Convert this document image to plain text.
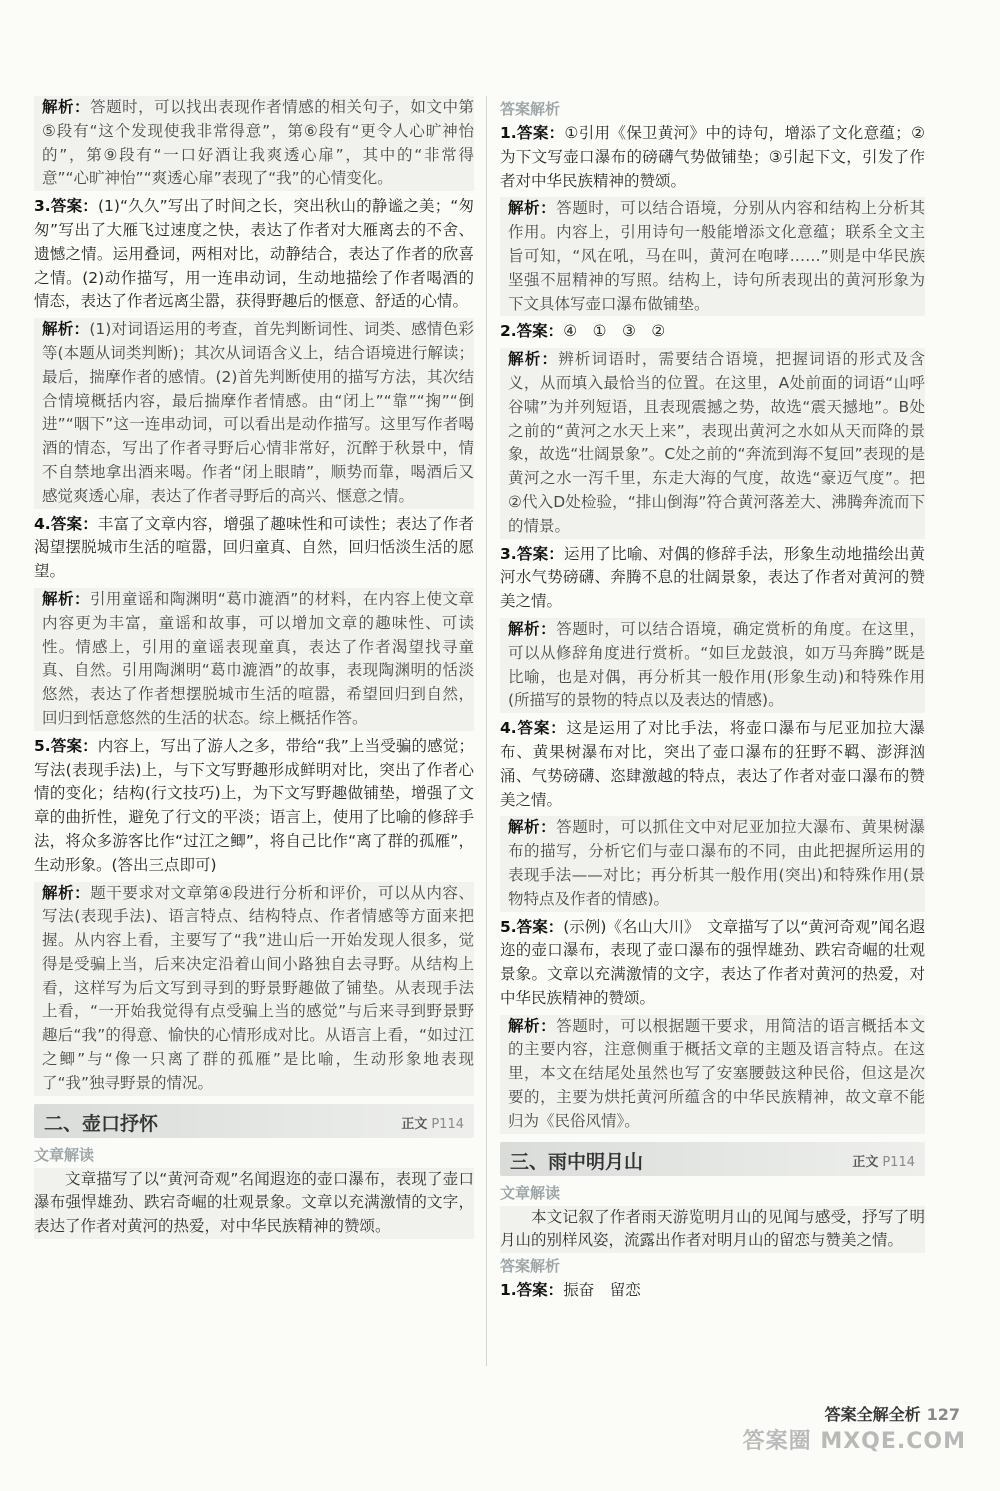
解析：答题时，可以找出表现作者情感的相关句子，如文中第⑤段有“这个发现使我非常得意”，第⑥段有“更令人心旷神怡的”，第⑨段有“一口好酒让我爽透心扉”，其中的“非常得意”“心旷神怡”“爽透心扉”表现了“我”的心情变化。

3.答案：(1)“久久”写出了时间之长，突出秋山的静谧之美；“匆匆”写出了大雁飞过速度之快，表达了作者对大雁离去的不舍、遗憾之情。运用叠词，两相对比，动静结合，表达了作者的欣喜之情。(2)动作描写，用一连串动词，生动地描绘了作者喝酒的情态，表达了作者远离尘嚣，获得野趣后的惬意、舒适的心情。

解析：(1)对词语运用的考查，首先判断词性、词类、感情色彩等(本题从词类判断)；其次从词语含义上，结合语境进行解读；最后，揣摩作者的感情。(2)首先判断使用的描写方法，其次结合情境概括内容，最后揣摩作者情感。由“闭上”“靠”“掬”“倒进”“咽下”这一连串动词，可以看出是动作描写。这里写作者喝酒的情态，写出了作者寻野后心情非常好，沉醉于秋景中，情不自禁地拿出酒来喝。作者“闭上眼睛”，顺势而靠，喝酒后又感觉爽透心扉，表达了作者寻野后的高兴、惬意之情。

4.答案：丰富了文章内容，增强了趣味性和可读性；表达了作者渴望摆脱城市生活的喧嚣，回归童真、自然，回归恬淡生活的愿望。

解析：引用童谣和陶渊明“葛巾漉酒”的材料，在内容上使文章内容更为丰富，童谣和故事，可以增加文章的趣味性、可读性。情感上，引用的童谣表现童真，表达了作者渴望找寻童真、自然。引用陶渊明“葛巾漉酒”的故事，表现陶渊明的恬淡悠然，表达了作者想摆脱城市生活的喧嚣，希望回归到自然，回归到恬意悠然的生活的状态。综上概括作答。

5.答案：内容上，写出了游人之多，带给“我”上当受骗的感觉；写法(表现手法)上，与下文写野趣形成鲜明对比，突出了作者心情的变化；结构(行文技巧)上，为下文写野趣做铺垫，增强了文章的曲折性，避免了行文的平淡；语言上，使用了比喻的修辞手法，将众多游客比作“过江之鲫”，将自己比作“离了群的孤雁”，生动形象。(答出三点即可)

解析：题干要求对文章第④段进行分析和评价，可以从内容、写法(表现手法)、语言特点、结构特点、作者情感等方面来把握。从内容上看，主要写了“我”进山后一开始发现人很多，觉得是受骗上当，后来决定沿着山间小路独自去寻野。从结构上看，这样写为后文写到寻到的野景野趣做了铺垫。从表现手法上看，“一开始我觉得有点受骗上当的感觉”与后来寻到野景野趣后“我”的得意、愉快的心情形成对比。从语言上看，“如过江之鲫”与“像一只离了群的孤雁”是比喻，生动形象地表现了“我”独寻野景的情况。

二、壶口抒怀	正文 P114
文章解读

文章描写了以“黄河奇观”名闻遐迩的壶口瀑布，表现了壶口瀑布强悍雄劲、跌宕奇崛的壮观景象。文章以充满激情的文字，表达了作者对黄河的热爱，对中华民族精神的赞颂。

答案解析

1.答案：①引用《保卫黄河》中的诗句，增添了文化意蕴；②为下文写壶口瀑布的磅礴气势做铺垫；③引起下文，引发了作者对中华民族精神的赞颂。

解析：答题时，可以结合语境，分别从内容和结构上分析其作用。内容上，引用诗句一般能增添文化意蕴；联系全文主旨可知，“风在吼，马在叫，黄河在咆哮……”则是中华民族坚强不屈精神的写照。结构上，诗句所表现出的黄河形象为下文具体写壶口瀑布做铺垫。

2.答案：④　①　③　②

解析：辨析词语时，需要结合语境，把握词语的形式及含义，从而填入最恰当的位置。在这里，A处前面的词语“山呼谷啸”为并列短语，且表现震撼之势，故选“震天撼地”。B处之前的“黄河之水天上来”，表现出黄河之水如从天而降的景象，故选“壮阔景象”。C处之前的“奔流到海不复回”表现的是黄河之水一泻千里，东走大海的气度，故选“豪迈气度”。把②代入D处检验，“排山倒海”符合黄河落差大、沸腾奔流而下的情景。

3.答案：运用了比喻、对偶的修辞手法，形象生动地描绘出黄河水气势磅礴、奔腾不息的壮阔景象，表达了作者对黄河的赞美之情。

解析：答题时，可以结合语境，确定赏析的角度。在这里，可以从修辞角度进行赏析。“如巨龙鼓浪，如万马奔腾”既是比喻，也是对偶，再分析其一般作用(形象生动)和特殊作用(所描写的景物的特点以及表达的情感)。

4.答案：这是运用了对比手法，将壶口瀑布与尼亚加拉大瀑布、黄果树瀑布对比，突出了壶口瀑布的狂野不羁、澎湃汹涌、气势磅礴、恣肆激越的特点，表达了作者对壶口瀑布的赞美之情。

解析：答题时，可以抓住文中对尼亚加拉大瀑布、黄果树瀑布的描写，分析它们与壶口瀑布的不同，由此把握所运用的表现手法——对比；再分析其一般作用(突出)和特殊作用(景物特点及作者的情感)。

5.答案：(示例)《名山大川》　文章描写了以“黄河奇观”闻名遐迩的壶口瀑布，表现了壶口瀑布的强悍雄劲、跌宕奇崛的壮观景象。文章以充满激情的文字，表达了作者对黄河的热爱，对中华民族精神的赞颂。

解析：答题时，可以根据题干要求，用简洁的语言概括本文的主要内容，注意侧重于概括文章的主题及语言特点。在这里，本文在结尾处虽然也写了安塞腰鼓这种民俗，但这是次要的，主要为烘托黄河所蕴含的中华民族精神，故文章不能归为《民俗风情》。

三、雨中明月山	正文 P114
文章解读

本文记叙了作者雨天游览明月山的见闻与感受，抒写了明月山的别样风姿，流露出作者对明月山的留恋与赞美之情。

答案解析

1.答案：振奋　留恋

答案全解全析 127
答案圈 MXQE.COM
